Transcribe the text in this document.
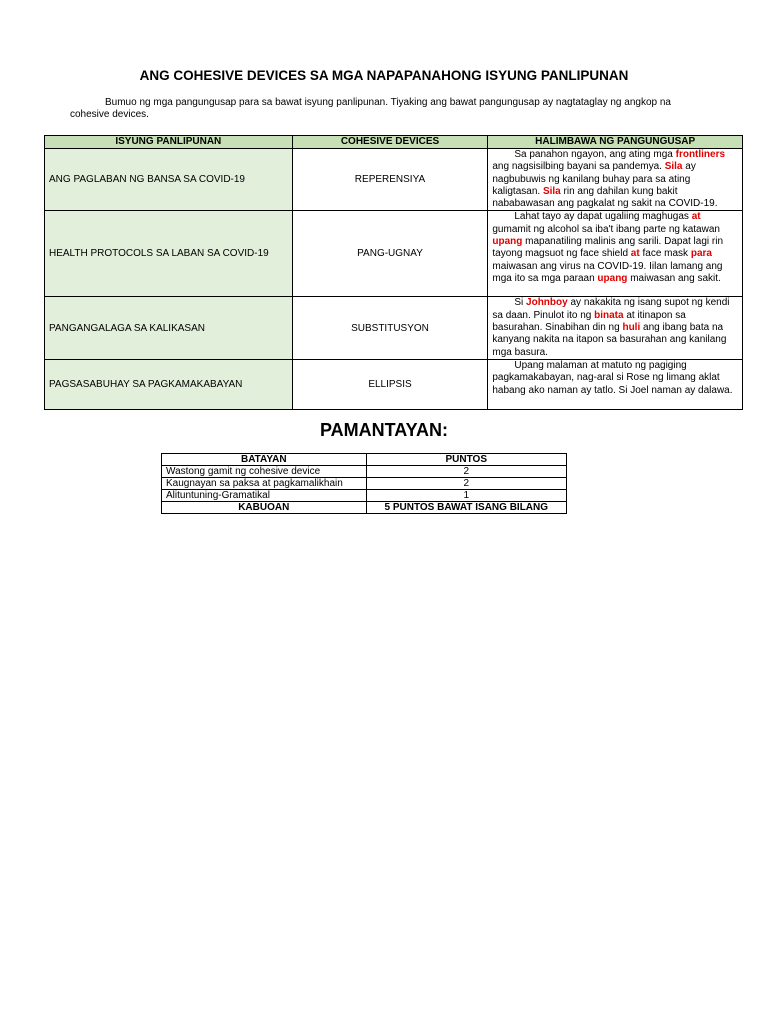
ANG COHESIVE DEVICES SA MGA NAPAPANAHONG ISYUNG PANLIPUNAN
Bumuo ng mga pangungusap para sa bawat isyung panlipunan. Tiyaking ang bawat pangungusap ay nagtataglay ng angkop na cohesive devices.
ISYUNG PANLIPUNAN	COHESIVE DEVICES	HALIMBAWA NG PANGUNGUSAP
ANG PAGLABAN NG BANSA SA COVID-19	REPERENSIYA	Sa panahon ngayon, ang ating mga frontliners ang nagsisilbing bayani sa pandemya. Sila ay nagbubuwis ng kanilang buhay para sa ating kaligtasan. Sila rin ang dahilan kung bakit nababawasan ang pagkalat ng sakit na COVID-19.
HEALTH PROTOCOLS SA LABAN SA COVID-19	PANG-UGNAY	Lahat tayo ay dapat ugaliing maghugas at gumamit ng alcohol sa iba't ibang parte ng katawan upang mapanatiling malinis ang sarili. Dapat lagi rin tayong magsuot ng face shield at face mask para maiwasan ang virus na COVID-19. Iilan lamang ang mga ito sa mga paraan upang maiwasan ang sakit.
PANGANGALAGA SA KALIKASAN	SUBSTITUSYON	Si Johnboy ay nakakita ng isang supot ng kendi sa daan. Pinulot ito ng binata at itinapon sa basurahan. Sinabihan din ng huli ang ibang bata na kanyang nakita na itapon sa basurahan ang kanilang mga basura.
PAGSASABUHAY SA PAGKAMAKABAYAN	ELLIPSIS	Upang malaman at matuto ng pagiging pagkamakabayan, nag-aral si Rose ng limang aklat habang ako naman ay tatlo. Si Joel naman ay dalawa.
PAMANTAYAN:
BATAYAN	PUNTOS
Wastong gamit ng cohesive device	2
Kaugnayan sa paksa at pagkamalikhain	2
Alituntuning-Gramatikal	1
KABUOAN	5 PUNTOS BAWAT ISANG BILANG
